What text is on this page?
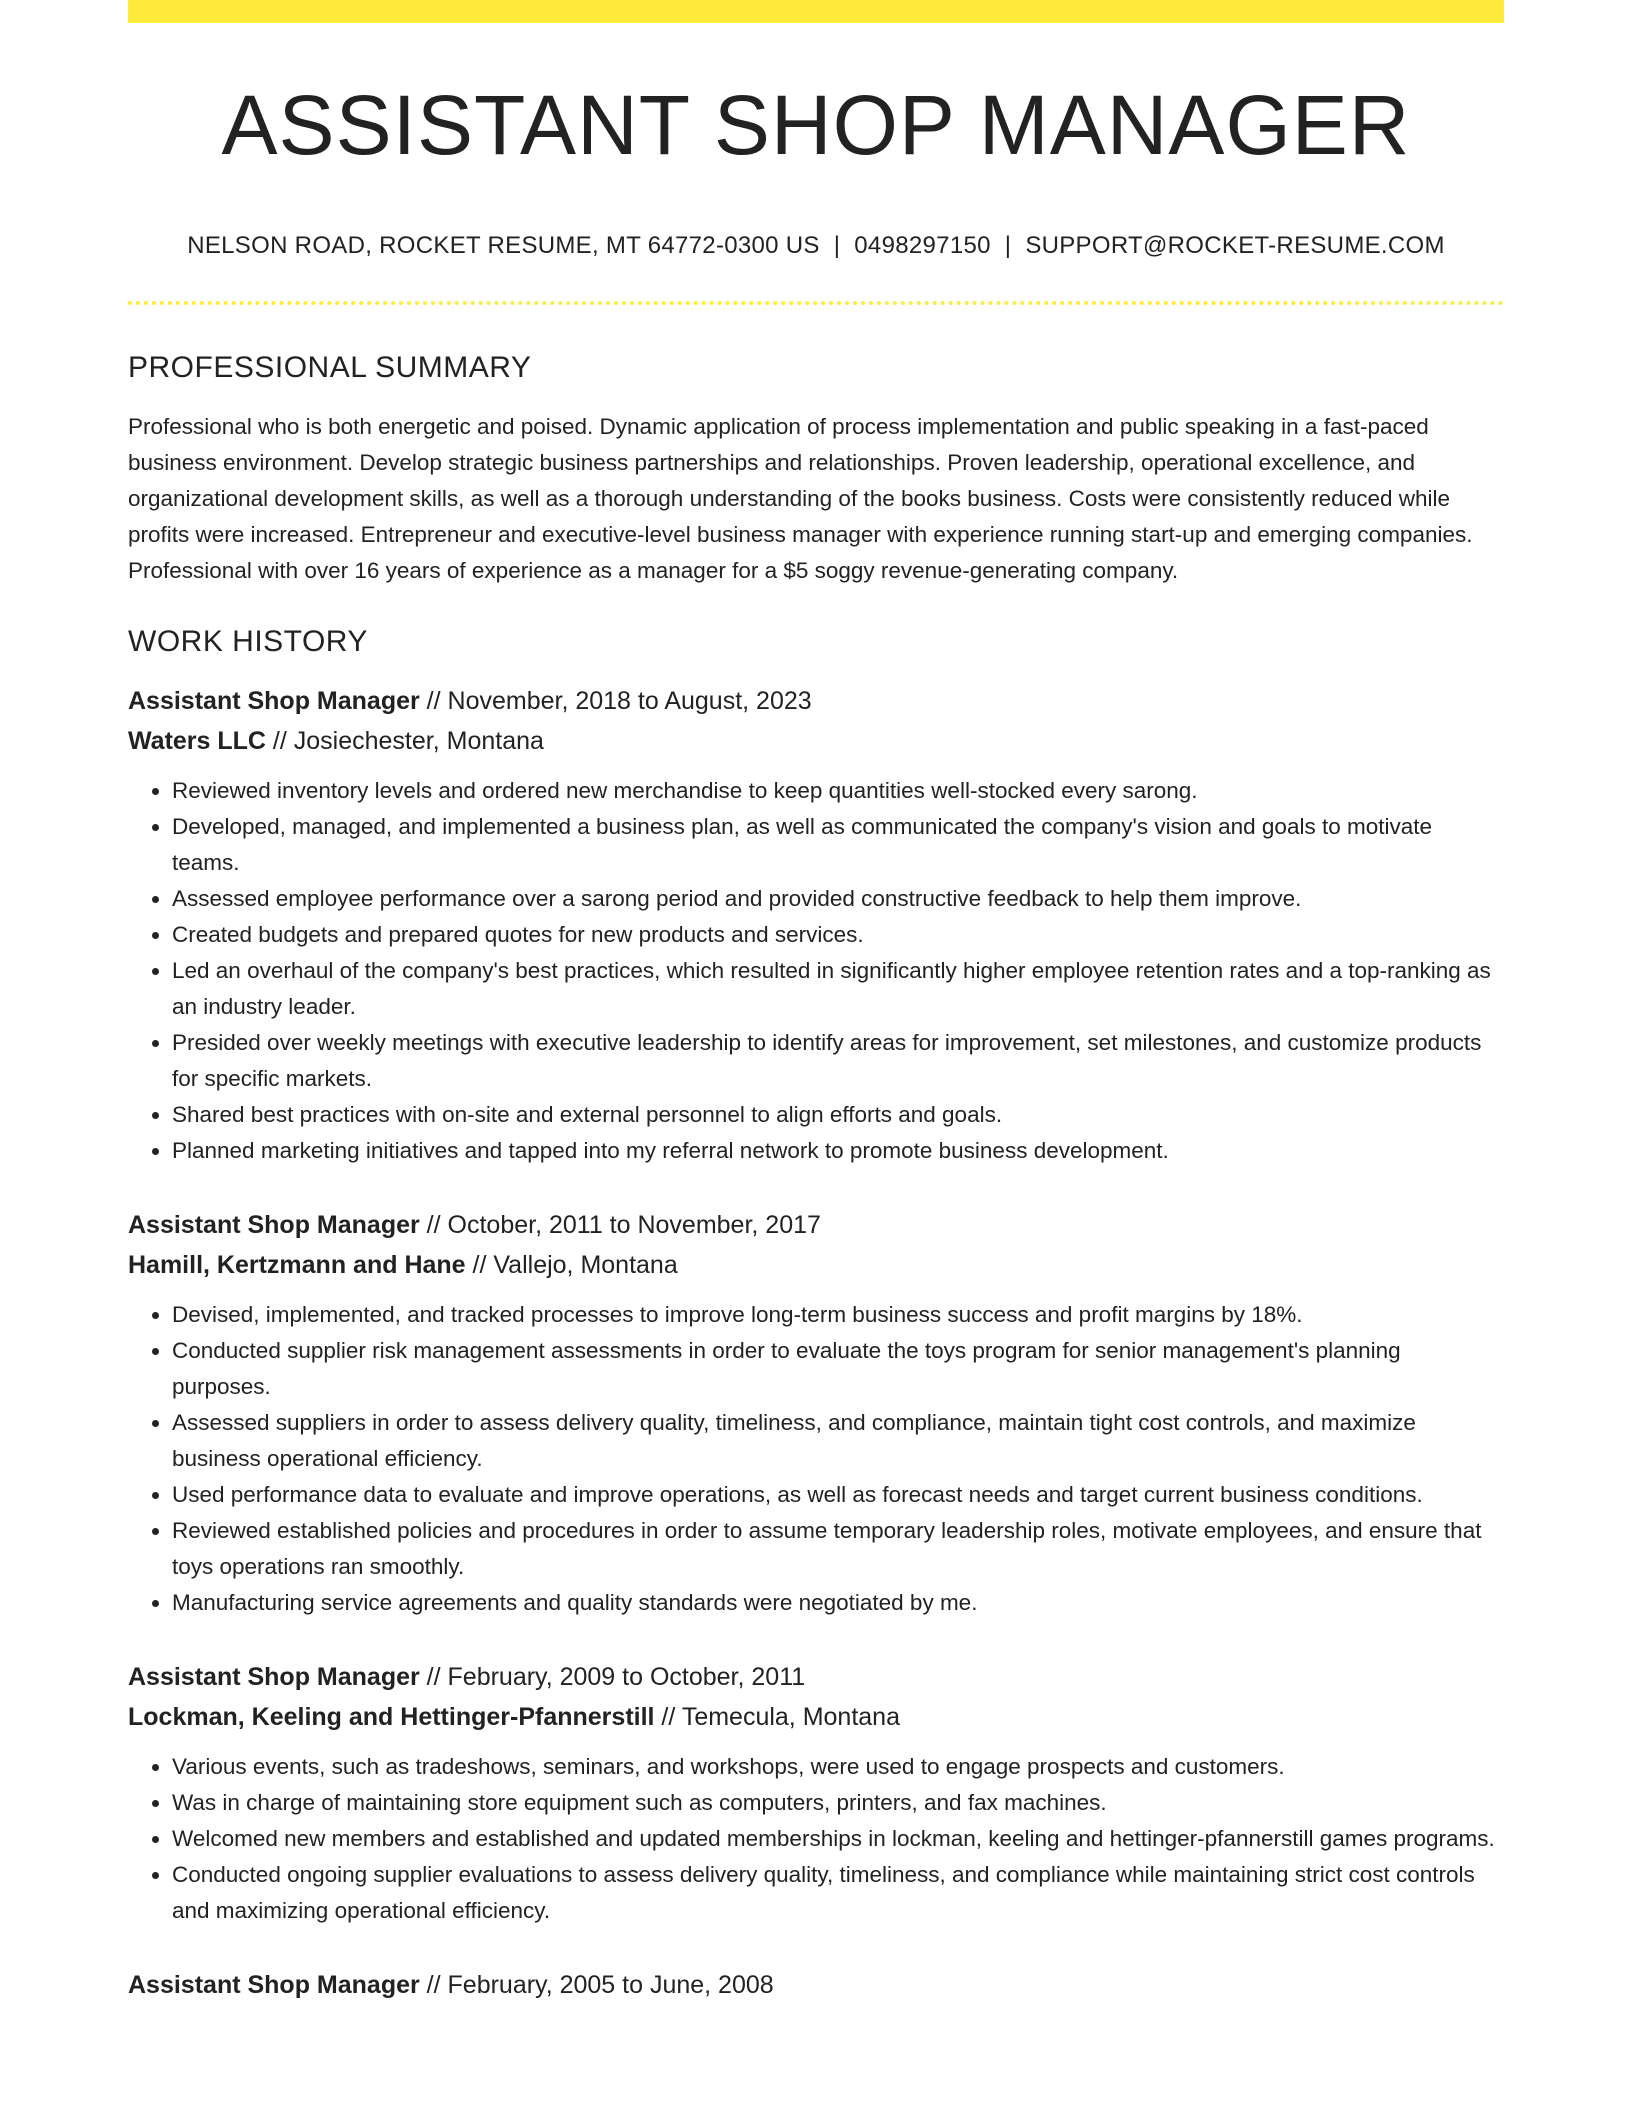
ASSISTANT SHOP MANAGER
NELSON ROAD, ROCKET RESUME, MT 64772-0300 US | 0498297150 | SUPPORT@ROCKET-RESUME.COM
PROFESSIONAL SUMMARY

Professional who is both energetic and poised. Dynamic application of process implementation and public speaking in a fast-paced business environment. Develop strategic business partnerships and relationships. Proven leadership, operational excellence, and organizational development skills, as well as a thorough understanding of the books business. Costs were consistently reduced while profits were increased. Entrepreneur and executive-level business manager with experience running start-up and emerging companies. Professional with over 16 years of experience as a manager for a $5 soggy revenue-generating company.

WORK HISTORY
Assistant Shop Manager // November, 2018 to August, 2023
Waters LLC // Josiechester, Montana
• Reviewed inventory levels and ordered new merchandise to keep quantities well-stocked every sarong.
• Developed, managed, and implemented a business plan, as well as communicated the company's vision and goals to motivate teams.
• Assessed employee performance over a sarong period and provided constructive feedback to help them improve.
• Created budgets and prepared quotes for new products and services.
• Led an overhaul of the company's best practices, which resulted in significantly higher employee retention rates and a top-ranking as an industry leader.
• Presided over weekly meetings with executive leadership to identify areas for improvement, set milestones, and customize products for specific markets.
• Shared best practices with on-site and external personnel to align efforts and goals.
• Planned marketing initiatives and tapped into my referral network to promote business development.
Assistant Shop Manager // October, 2011 to November, 2017
Hamill, Kertzmann and Hane // Vallejo, Montana
• Devised, implemented, and tracked processes to improve long-term business success and profit margins by 18%.
• Conducted supplier risk management assessments in order to evaluate the toys program for senior management's planning purposes.
• Assessed suppliers in order to assess delivery quality, timeliness, and compliance, maintain tight cost controls, and maximize business operational efficiency.
• Used performance data to evaluate and improve operations, as well as forecast needs and target current business conditions.
• Reviewed established policies and procedures in order to assume temporary leadership roles, motivate employees, and ensure that toys operations ran smoothly.
• Manufacturing service agreements and quality standards were negotiated by me.
Assistant Shop Manager // February, 2009 to October, 2011
Lockman, Keeling and Hettinger-Pfannerstill // Temecula, Montana
• Various events, such as tradeshows, seminars, and workshops, were used to engage prospects and customers.
• Was in charge of maintaining store equipment such as computers, printers, and fax machines.
• Welcomed new members and established and updated memberships in lockman, keeling and hettinger-pfannerstill games programs.
• Conducted ongoing supplier evaluations to assess delivery quality, timeliness, and compliance while maintaining strict cost controls and maximizing operational efficiency.
Assistant Shop Manager // February, 2005 to June, 2008
